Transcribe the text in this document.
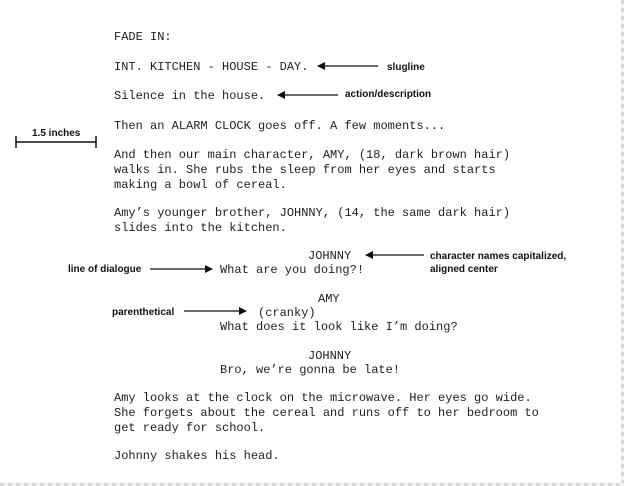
FADE IN:
INT. KITCHEN - HOUSE - DAY.
Silence in the house.
Then an ALARM CLOCK goes off. A few moments...
And then our main character, AMY, (18, dark brown hair)
walks in. She rubs the sleep from her eyes and starts
making a bowl of cereal.
Amy’s younger brother, JOHNNY, (14, the same dark hair)
slides into the kitchen.
JOHNNY
What are you doing?!
AMY
(cranky)
What does it look like I’m doing?
JOHNNY
Bro, we’re gonna be late!
Amy looks at the clock on the microwave. Her eyes go wide.
She forgets about the cereal and runs off to her bedroom to
get ready for school.
Johnny shakes his head.
slugline
action/description
1.5 inches
character names capitalized,
aligned center
line of dialogue
parenthetical
